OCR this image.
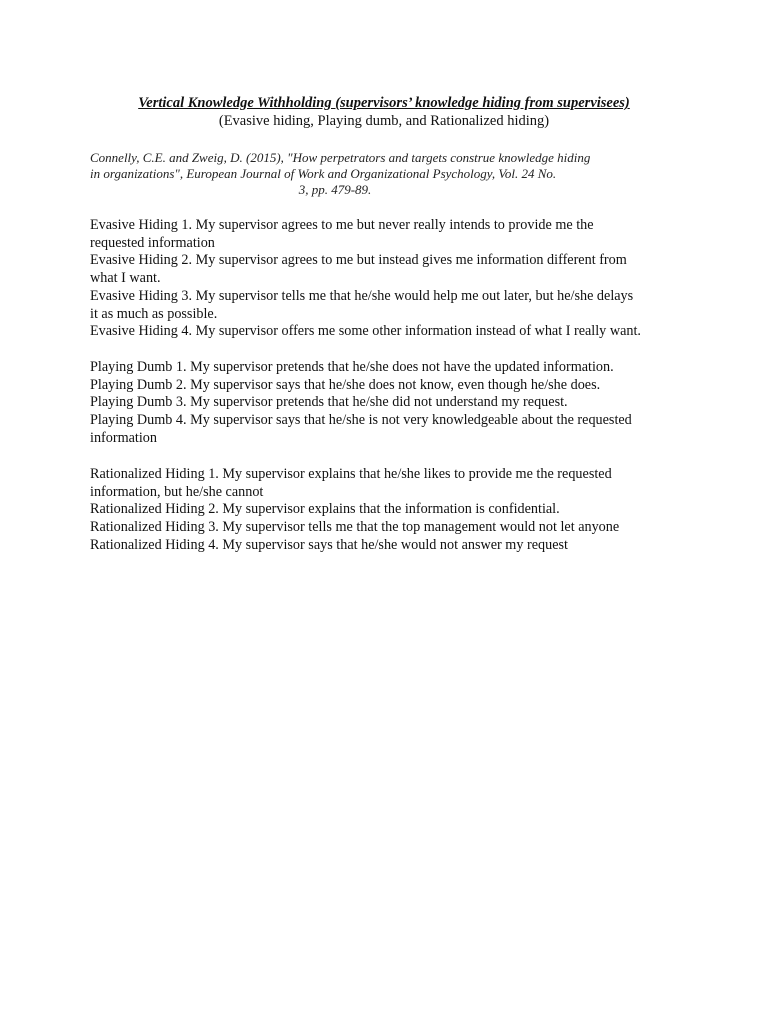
Vertical Knowledge Withholding (supervisors’ knowledge hiding from supervisees)
(Evasive hiding, Playing dumb, and Rationalized hiding)
Connelly, C.E. and Zweig, D. (2015), "How perpetrators and targets construe knowledge hiding
in organizations", European Journal of Work and Organizational Psychology, Vol. 24 No.
3, pp. 479-89.
Evasive Hiding 1. My supervisor agrees to me but never really intends to provide me the
requested information
Evasive Hiding 2. My supervisor agrees to me but instead gives me information different from
what I want.
Evasive Hiding 3. My supervisor tells me that he/she would help me out later, but he/she delays
it as much as possible.
Evasive Hiding 4. My supervisor offers me some other information instead of what I really want.
Playing Dumb 1. My supervisor pretends that he/she does not have the updated information.
Playing Dumb 2. My supervisor says that he/she does not know, even though he/she does.
Playing Dumb 3. My supervisor pretends that he/she did not understand my request.
Playing Dumb 4. My supervisor says that he/she is not very knowledgeable about the requested
information
Rationalized Hiding 1. My supervisor explains that he/she likes to provide me the requested
information, but he/she cannot
Rationalized Hiding 2. My supervisor explains that the information is confidential.
Rationalized Hiding 3. My supervisor tells me that the top management would not let anyone
Rationalized Hiding 4. My supervisor says that he/she would not answer my request
